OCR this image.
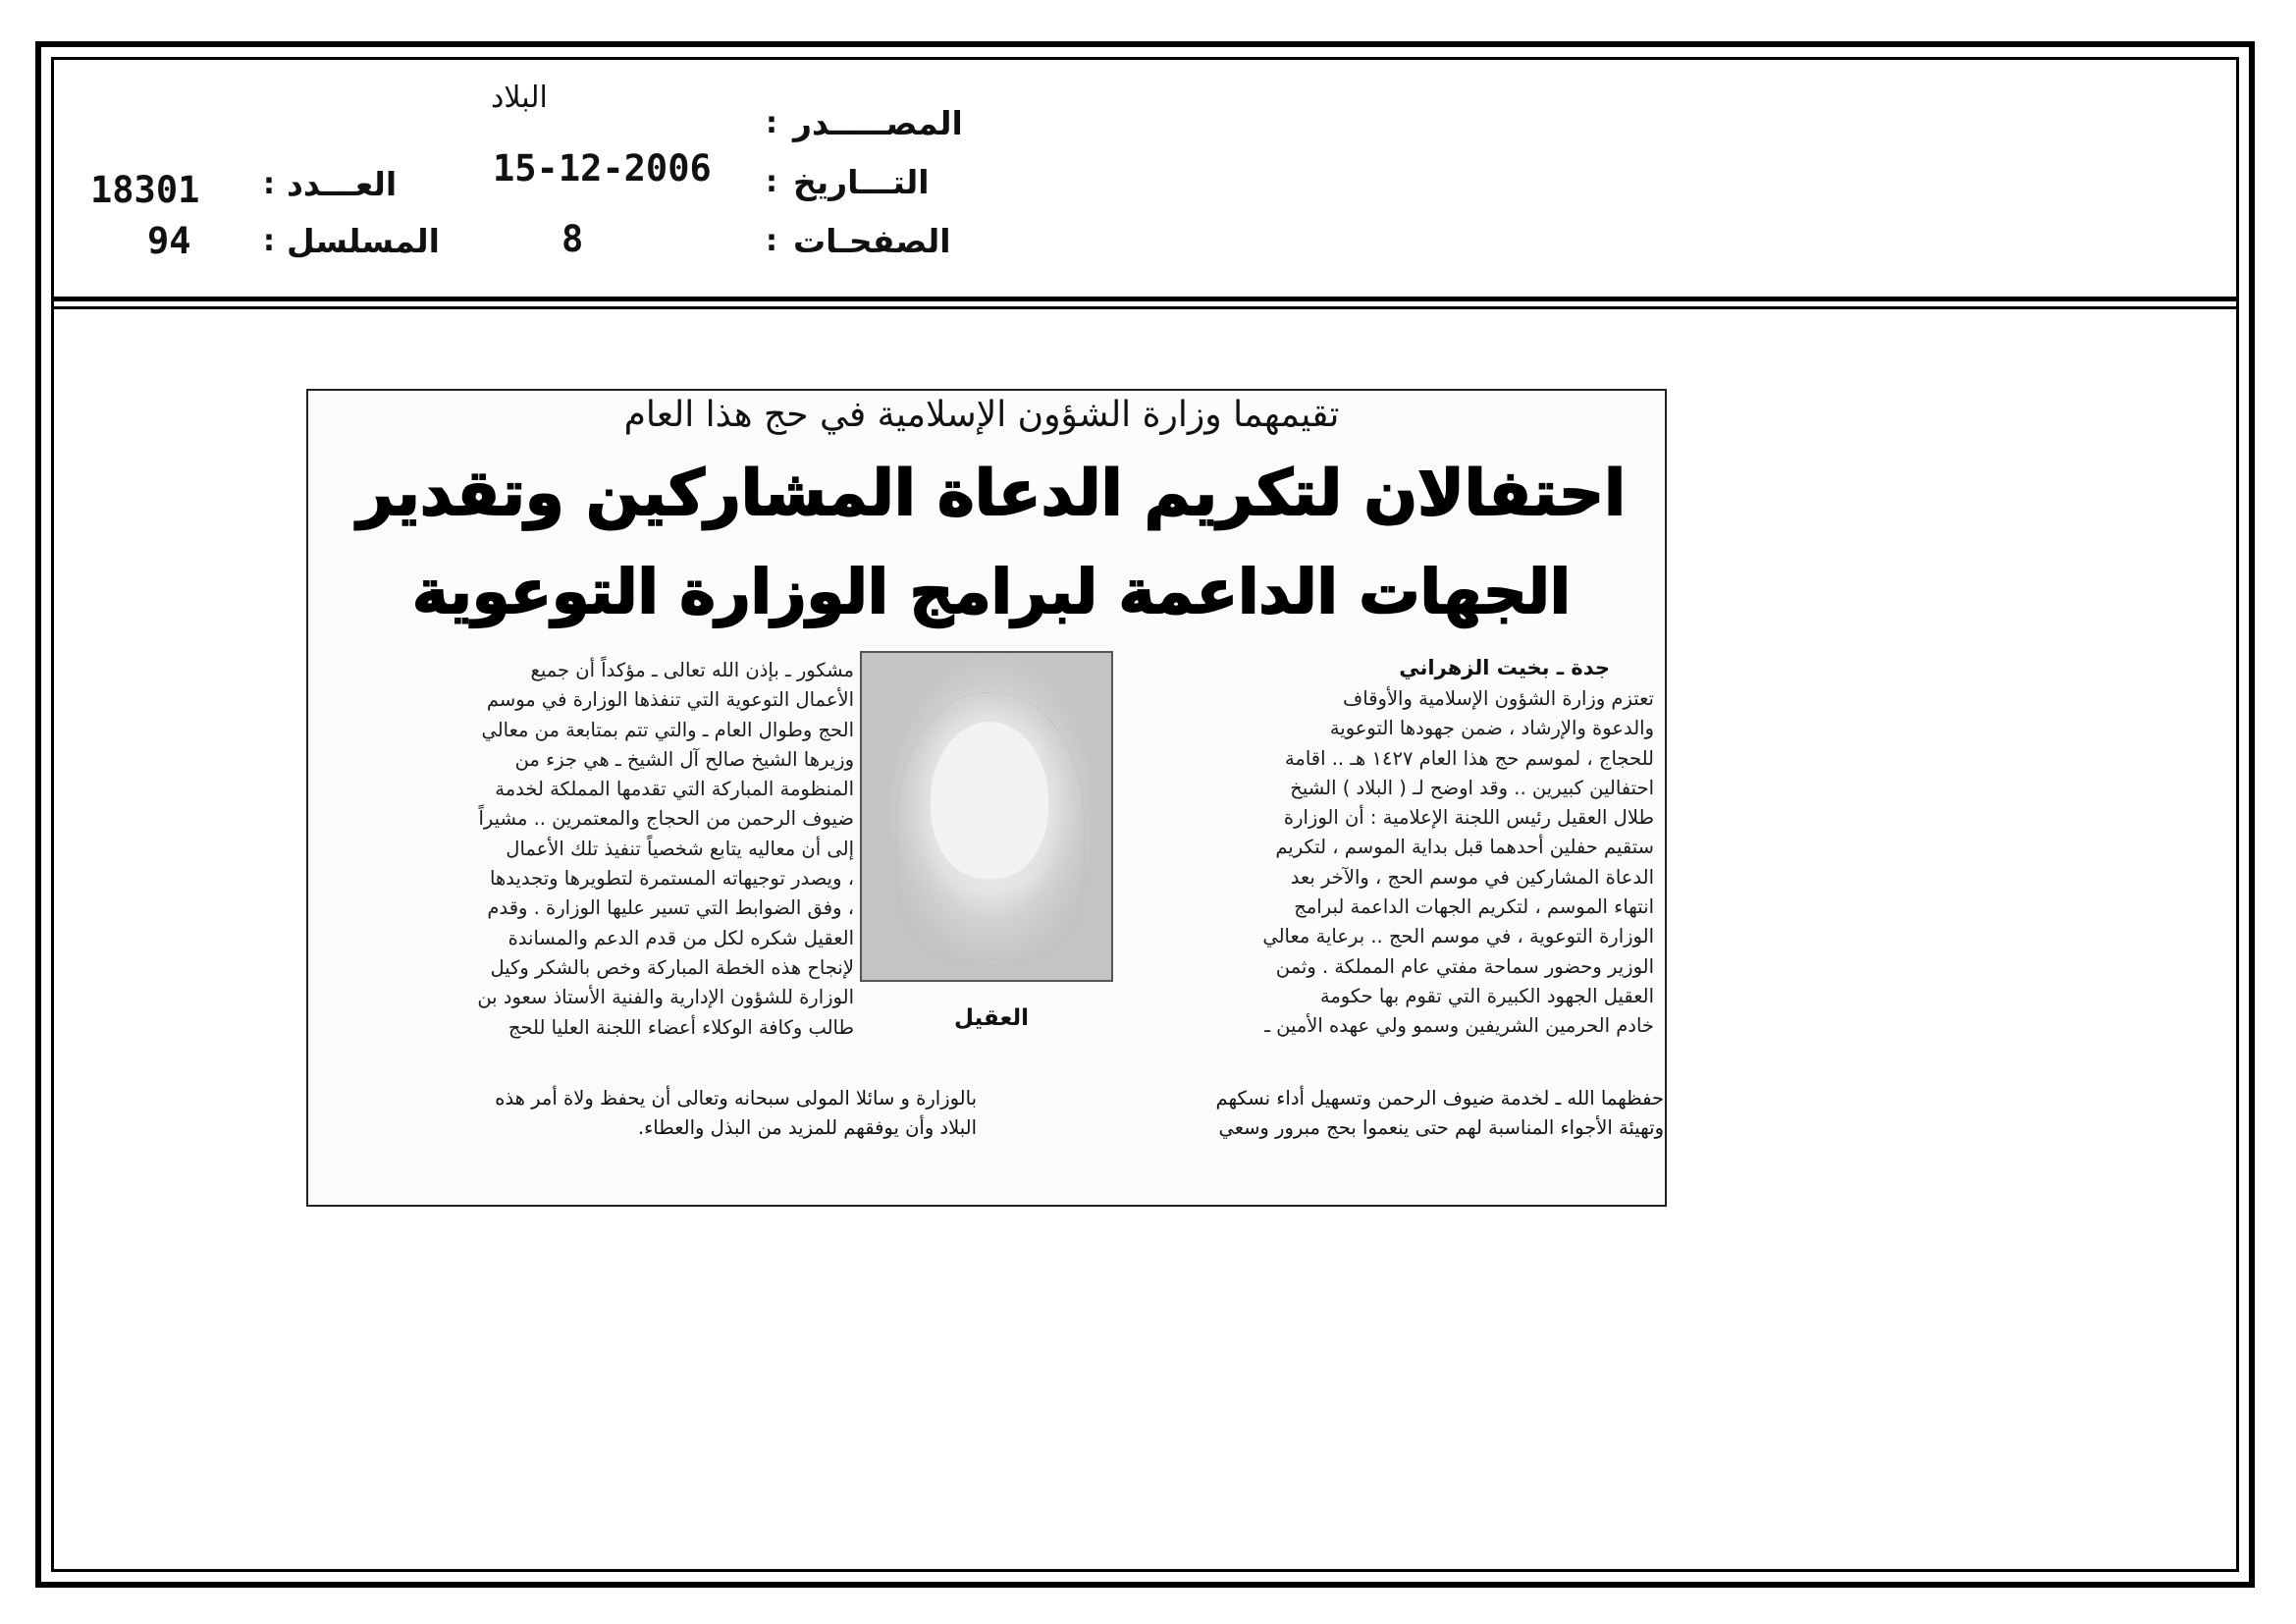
البلاد
المصـــــدر
:
التـــاريخ
:
15-12-2006
الصفحـات
:
8
العـــدد
:
18301
المسلسل
:
94
تقيمهما وزارة الشؤون الإسلامية في حج هذا العام
احتفالان لتكريم الدعاة المشاركين وتقدير
الجهات الداعمة لبرامج الوزارة التوعوية
جدة ـ بخيت الزهراني

تعتزم وزارة الشؤون الإسلامية والأوقاف

والدعوة والإرشاد ، ضمن جهودها التوعوية

للحجاج ، لموسم حج هذا العام ١٤٢٧ هـ .. اقامة

احتفالين كبيرين .. وقد اوضح لـ ( البلاد ) الشيخ

طلال العقيل رئيس اللجنة الإعلامية : أن الوزارة

ستقيم حفلين أحدهما قبل بداية الموسم ، لتكريم

الدعاة المشاركين في موسم الحج ، والآخر بعد

انتهاء الموسم ، لتكريم الجهات الداعمة لبرامج

الوزارة التوعوية ، في موسم الحج .. برعاية معالي

الوزير وحضور سماحة مفتي عام المملكة . وثمن

العقيل الجهود الكبيرة التي تقوم بها حكومة

خادم الحرمين الشريفين وسمو ولي عهده الأمين ـ

العقيل

مشكور ـ بإذن الله تعالى ـ مؤكداً أن جميع

الأعمال التوعوية التي تنفذها الوزارة في موسم

الحج وطوال العام ـ والتي تتم بمتابعة من معالي

وزيرها الشيخ صالح آل الشيخ ـ هي جزء من

المنظومة المباركة التي تقدمها المملكة لخدمة

ضيوف الرحمن من الحجاج والمعتمرين .. مشيراً

إلى أن معاليه يتابع شخصياً تنفيذ تلك الأعمال

، ويصدر توجيهاته المستمرة لتطويرها وتجديدها

، وفق الضوابط التي تسير عليها الوزارة . وقدم

العقيل شكره لكل من قدم الدعم والمساندة

لإنجاح هذه الخطة المباركة وخص بالشكر وكيل

الوزارة للشؤون الإدارية والفنية الأستاذ سعود بن

طالب وكافة الوكلاء أعضاء اللجنة العليا للحج

حفظهما الله ـ لخدمة ضيوف الرحمن وتسهيل أداء نسكهم

وتهيئة الأجواء المناسبة لهم حتى ينعموا بحج مبرور وسعي

بالوزارة و سائلا المولى سبحانه وتعالى أن يحفظ ولاة أمر هذه

البلاد وأن يوفقهم للمزيد من البذل والعطاء.
